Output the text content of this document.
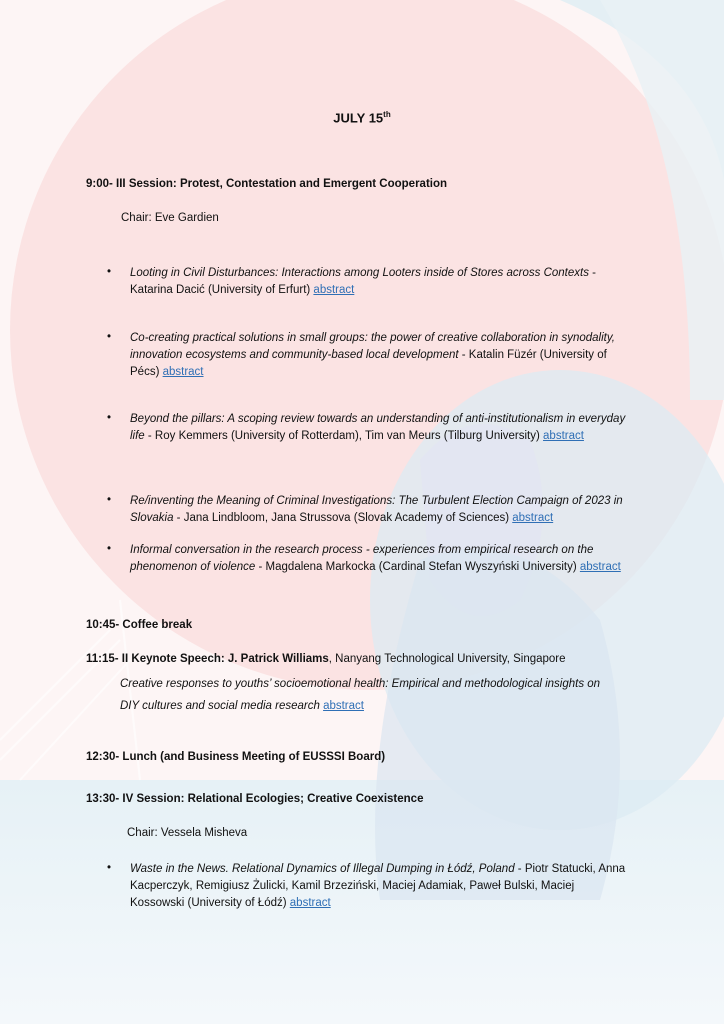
JULY 15th
9:00- III Session: Protest, Contestation and Emergent Cooperation
Chair: Eve Gardien
• Looting in Civil Disturbances: Interactions among Looters inside of Stores across Contexts - Katarina Dacić (University of Erfurt) abstract
• Co-creating practical solutions in small groups: the power of creative collaboration in synodality, innovation ecosystems and community-based local development - Katalin Füzér (University of Pécs) abstract
• Beyond the pillars: A scoping review towards an understanding of anti-institutionalism in everyday life - Roy Kemmers (University of Rotterdam), Tim van Meurs (Tilburg University) abstract
• Re/inventing the Meaning of Criminal Investigations: The Turbulent Election Campaign of 2023 in Slovakia - Jana Lindbloom, Jana Strussova (Slovak Academy of Sciences) abstract
• Informal conversation in the research process - experiences from empirical research on the phenomenon of violence - Magdalena Markocka (Cardinal Stefan Wyszyński University) abstract
10:45- Coffee break
11:15- II Keynote Speech: J. Patrick Williams, Nanyang Technological University, Singapore
Creative responses to youths’ socioemotional health: Empirical and methodological insights on
DIY cultures and social media research abstract
12:30- Lunch (and Business Meeting of EUSSSI Board)
13:30- IV Session: Relational Ecologies; Creative Coexistence
Chair: Vessela Misheva
• Waste in the News. Relational Dynamics of Illegal Dumping in Łódź, Poland - Piotr Statucki, Anna Kacperczyk, Remigiusz Żulicki, Kamil Brzeziński, Maciej Adamiak, Paweł Bulski, Maciej Kossowski (University of Łódź) abstract
